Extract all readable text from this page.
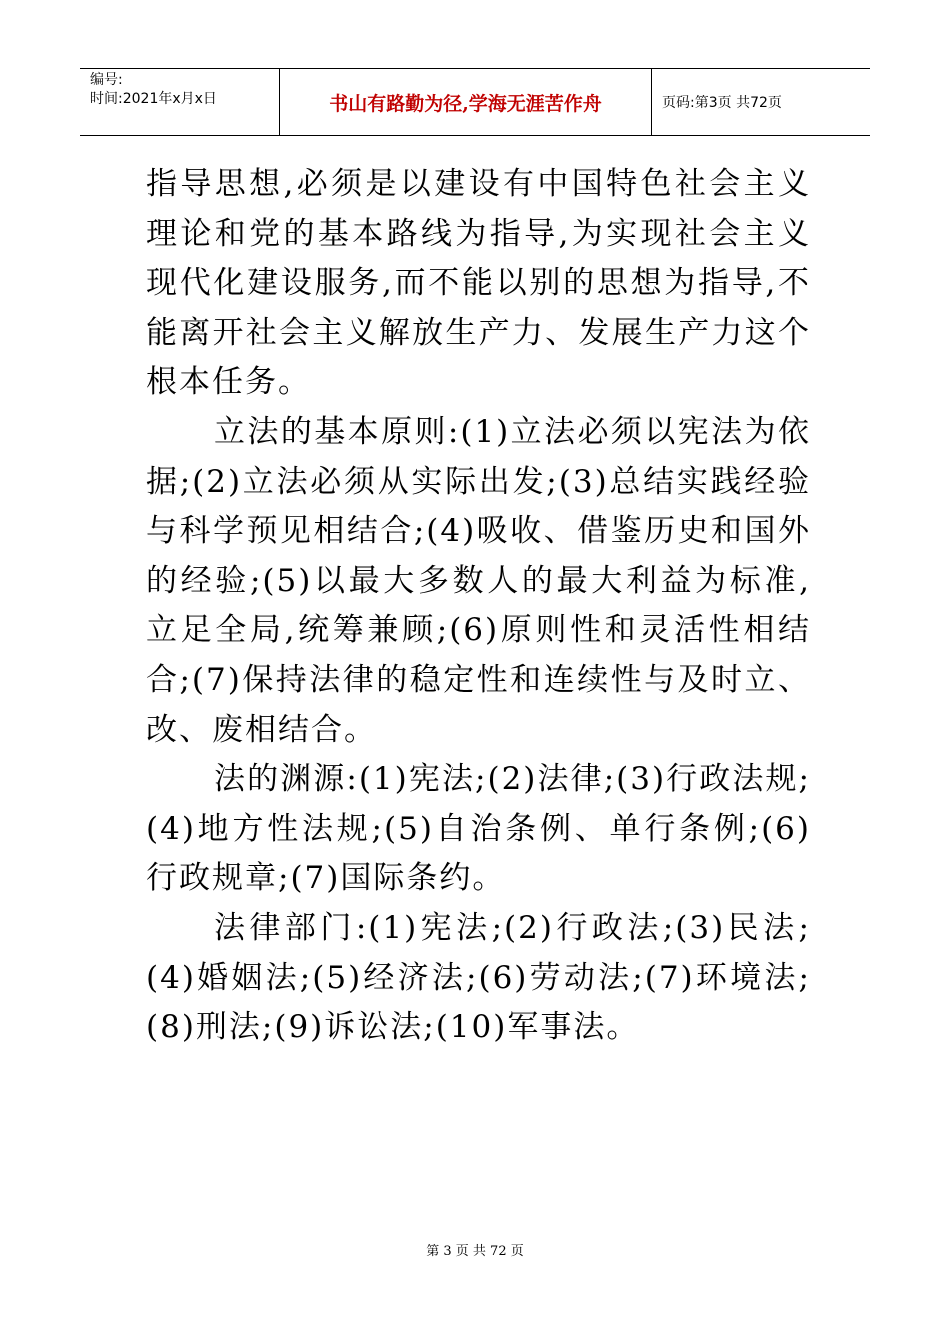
编号:
时间:2021年x月x日	书山有路勤为径,学海无涯苦作舟	页码:第3页 共72页

指导思想,必须是以建设有中国特色社会主义理论和党的基本路线为指导,为实现社会主义现代化建设服务,而不能以别的思想为指导,不能离开社会主义解放生产力、发展生产力这个根本任务。

立法的基本原则:(1)立法必须以宪法为依据;(2)立法必须从实际出发;(3)总结实践经验与科学预见相结合;(4)吸收、借鉴历史和国外的经验;(5)以最大多数人的最大利益为标准,立足全局,统筹兼顾;(6)原则性和灵活性相结合;(7)保持法律的稳定性和连续性与及时立、改、废相结合。

法的渊源:(1)宪法;(2)法律;(3)行政法规;(4)地方性法规;(5)自治条例、单行条例;(6)行政规章;(7)国际条约。

法律部门:(1)宪法;(2)行政法;(3)民法;(4)婚姻法;(5)经济法;(6)劳动法;(7)环境法;(8)刑法;(9)诉讼法;(10)军事法。

第 3 页 共 72 页
